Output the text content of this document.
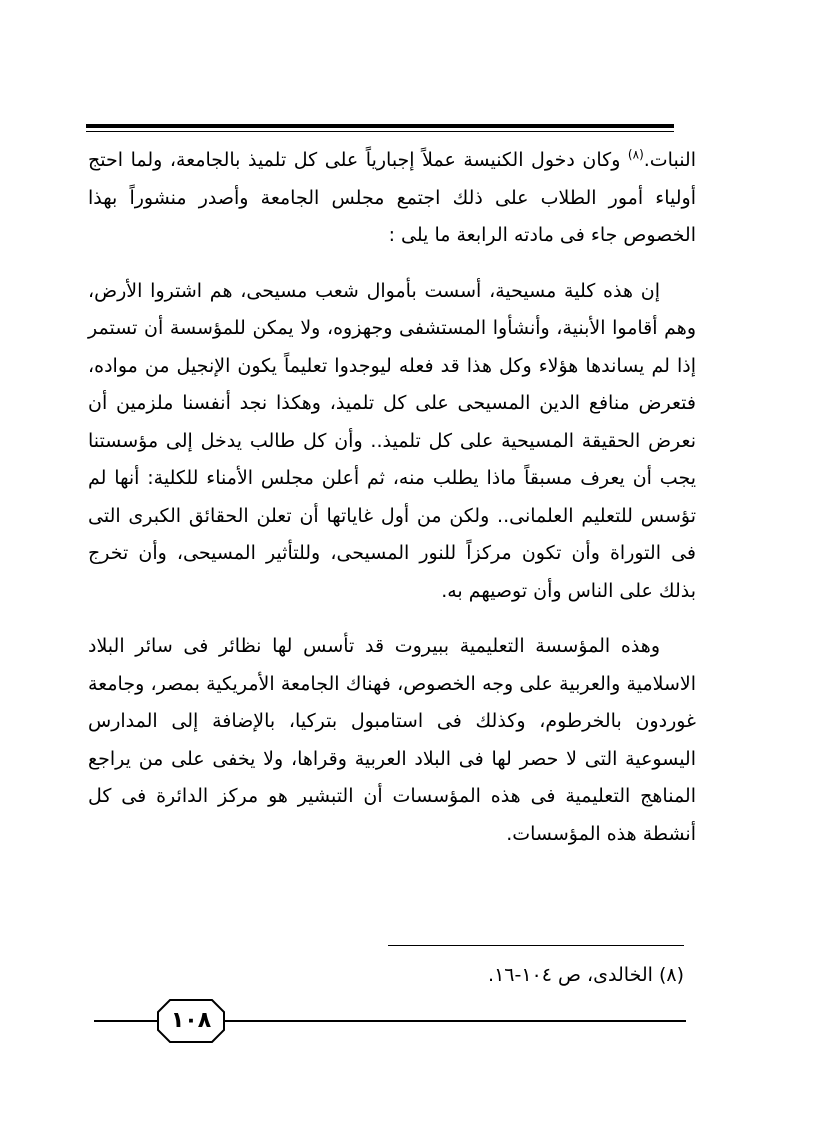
النبات.$^{(٨)}$ وكان دخول الكنيسة عملاً إجبارياً على كل تلميذ بالجامعة، ولما احتج أولياء أمور الطلاب على ذلك اجتمع مجلس الجامعة وأصدر منشوراً بهذا الخصوص جاء فى مادته الرابعة ما يلى :

إن هذه كلية مسيحية، أسست بأموال شعب مسيحى، هم اشتروا الأرض، وهم أقاموا الأبنية، وأنشأوا المستشفى وجهزوه، ولا يمكن للمؤسسة أن تستمر إذا لم يساندها هؤلاء وكل هذا قد فعله ليوجدوا تعليماً يكون الإنجيل من مواده، فتعرض منافع الدين المسيحى على كل تلميذ، وهكذا نجد أنفسنا ملزمين أن نعرض الحقيقة المسيحية على كل تلميذ.. وأن كل طالب يدخل إلى مؤسستنا يجب أن يعرف مسبقاً ماذا يطلب منه، ثم أعلن مجلس الأمناء للكلية: أنها لم تؤسس للتعليم العلمانى.. ولكن من أول غاياتها أن تعلن الحقائق الكبرى التى فى التوراة وأن تكون مركزاً للنور المسيحى، وللتأثير المسيحى، وأن تخرج بذلك على الناس وأن توصيهم به.

وهذه المؤسسة التعليمية ببيروت قد تأسس لها نظائر فى سائر البلاد الاسلامية والعربية على وجه الخصوص، فهناك الجامعة الأمريكية بمصر، وجامعة غوردون بالخرطوم، وكذلك فى استامبول بتركيا، بالإضافة إلى المدارس اليسوعية التى لا حصر لها فى البلاد العربية وقراها، ولا يخفى على من يراجع المناهج التعليمية فى هذه المؤسسات أن التبشير هو مركز الدائرة فى كل أنشطة هذه المؤسسات.

(٨) الخالدى، ص ١٠٤-١٦.
١٠٨
